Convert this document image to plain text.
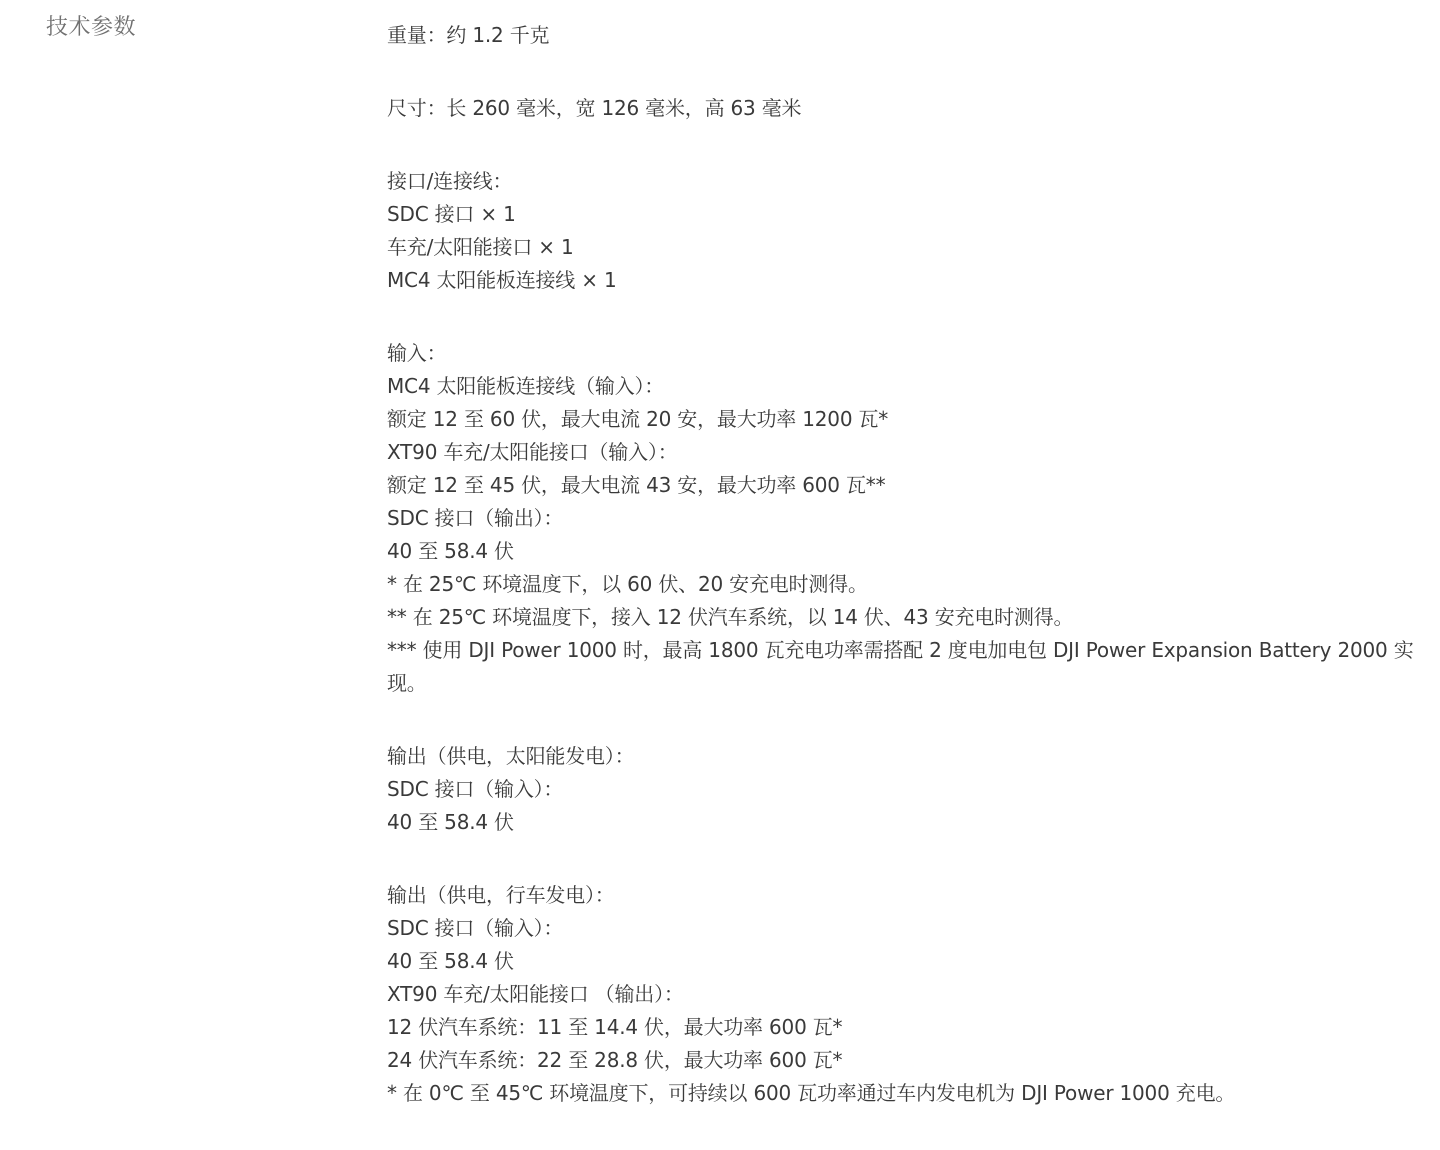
技术参数	重量：约 1.2 千克
尺寸：长 260 毫米，宽 126 毫米，高 63 毫米
接口/连接线：
SDC 接口 × 1
车充/太阳能接口 × 1
MC4 太阳能板连接线 × 1
输入：
MC4 太阳能板连接线（输入）：
额定 12 至 60 伏，最大电流 20 安，最大功率 1200 瓦*
XT90 车充/太阳能接口（输入）：
额定 12 至 45 伏，最大电流 43 安，最大功率 600 瓦**
SDC 接口（输出）：
40 至 58.4 伏
* 在 25℃ 环境温度下，以 60 伏、20 安充电时测得。
** 在 25℃ 环境温度下，接入 12 伏汽车系统，以 14 伏、43 安充电时测得。
*** 使用 DJI Power 1000 时，最高 1800 瓦充电功率需搭配 2 度电加电包 DJI Power Expansion Battery 2000 实现。
输出（供电，太阳能发电）：
SDC 接口（输入）：
40 至 58.4 伏
输出（供电，行车发电）：
SDC 接口（输入）：
40 至 58.4 伏
XT90 车充/太阳能接口 （输出）：
12 伏汽车系统：11 至 14.4 伏，最大功率 600 瓦*
24 伏汽车系统：22 至 28.8 伏，最大功率 600 瓦*
* 在 0℃ 至 45℃ 环境温度下，可持续以 600 瓦功率通过车内发电机为 DJI Power 1000 充电。
